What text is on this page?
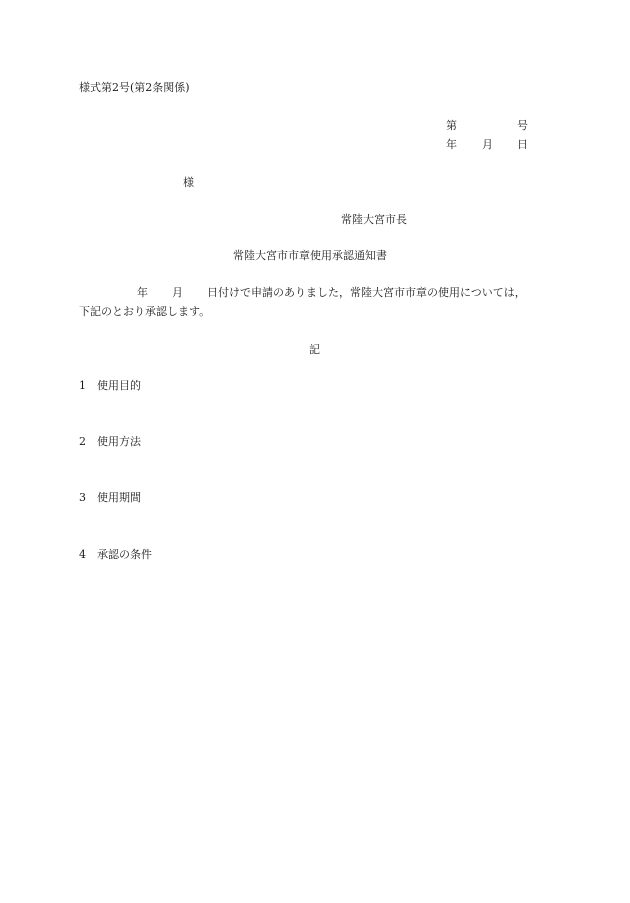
様式第2号(第2条関係)
第	号
年 月 日
様
常陸大宮市長
常陸大宮市市章使用承認通知書
年 月 日付けで申請のありました，常陸大宮市市章の使用については，
下記のとおり承認します。
記
1 使用目的
2 使用方法
3 使用期間
4 承認の条件
